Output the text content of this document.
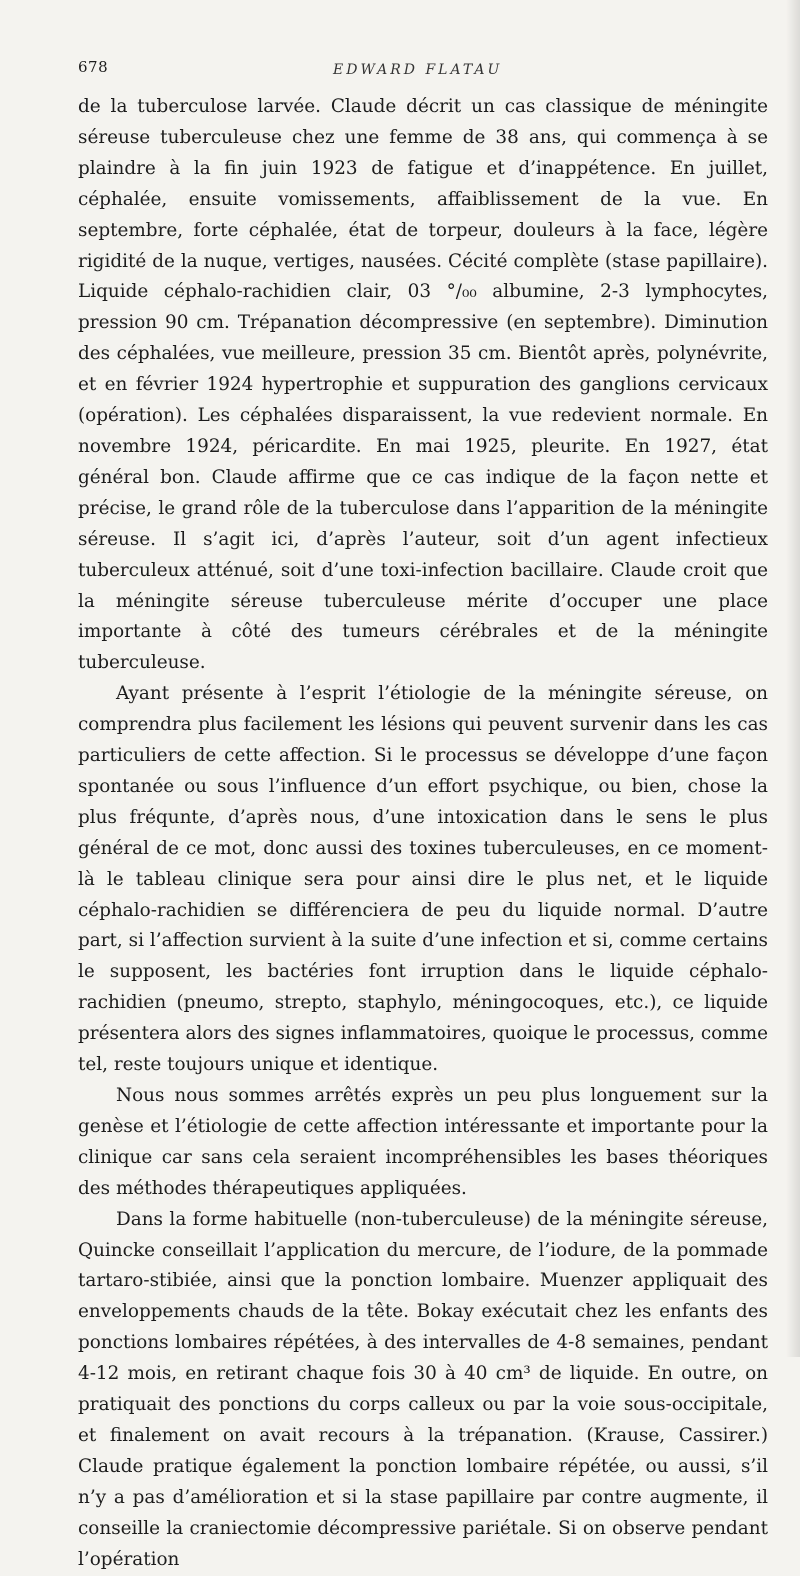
678	EDWARD FLATAU

de la tuberculose larvée. Claude décrit un cas classique de méningite séreuse tuberculeuse chez une femme de 38 ans, qui commença à se plaindre à la fin juin 1923 de fatigue et d’inappétence. En juillet, céphalée, ensuite vomissements, affaiblissement de la vue. En septembre, forte céphalée, état de torpeur, douleurs à la face, légère rigidité de la nuque, vertiges, nausées. Cécité complète (stase papillaire). Liquide céphalo-rachidien clair, 03 °/₀₀ albumine, 2-3 lymphocytes, pression 90 cm. Trépanation décompressive (en septembre). Diminution des céphalées, vue meilleure, pression 35 cm. Bientôt après, polynévrite, et en février 1924 hypertrophie et suppuration des ganglions cervicaux (opération). Les céphalées disparaissent, la vue redevient normale. En novembre 1924, péricardite. En mai 1925, pleurite. En 1927, état général bon. Claude affirme que ce cas indique de la façon nette et précise, le grand rôle de la tuberculose dans l’apparition de la méningite séreuse. Il s’agit ici, d’après l’auteur, soit d’un agent infectieux tuberculeux atténué, soit d’une toxi-infection bacillaire. Claude croit que la méningite séreuse tuberculeuse mérite d’occuper une place importante à côté des tumeurs cérébrales et de la méningite tuberculeuse.

Ayant présente à l’esprit l’étiologie de la méningite séreuse, on comprendra plus facilement les lésions qui peuvent survenir dans les cas particuliers de cette affection. Si le processus se développe d’une façon spontanée ou sous l’influence d’un effort psychique, ou bien, chose la plus fréqunte, d’après nous, d’une intoxication dans le sens le plus général de ce mot, donc aussi des toxines tuberculeuses, en ce moment-là le tableau clinique sera pour ainsi dire le plus net, et le liquide céphalo-rachidien se différenciera de peu du liquide normal. D’autre part, si l’affection survient à la suite d’une infection et si, comme certains le supposent, les bactéries font irruption dans le liquide céphalo-rachidien (pneumo, strepto, staphylo, méningocoques, etc.), ce liquide présentera alors des signes inflammatoires, quoique le processus, comme tel, reste toujours unique et identique.

Nous nous sommes arrêtés exprès un peu plus longuement sur la genèse et l’étiologie de cette affection intéressante et importante pour la clinique car sans cela seraient incompréhensibles les bases théoriques des méthodes thérapeutiques appliquées.

Dans la forme habituelle (non-tuberculeuse) de la méningite séreuse, Quincke conseillait l’application du mercure, de l’iodure, de la pommade tartaro-stibiée, ainsi que la ponction lombaire. Muenzer appliquait des enveloppements chauds de la tête. Bokay exécutait chez les enfants des ponctions lombaires répétées, à des intervalles de 4-8 semaines, pendant 4-12 mois, en retirant chaque fois 30 à 40 cm³ de liquide. En outre, on pratiquait des ponctions du corps calleux ou par la voie sous-occipitale, et finalement on avait recours à la trépanation. (Krause, Cassirer.) Claude pratique également la ponction lombaire répétée, ou aussi, s’il n’y a pas d’amélioration et si la stase papillaire par contre augmente, il conseille la craniectomie décompressive pariétale. Si on observe pendant l’opération
